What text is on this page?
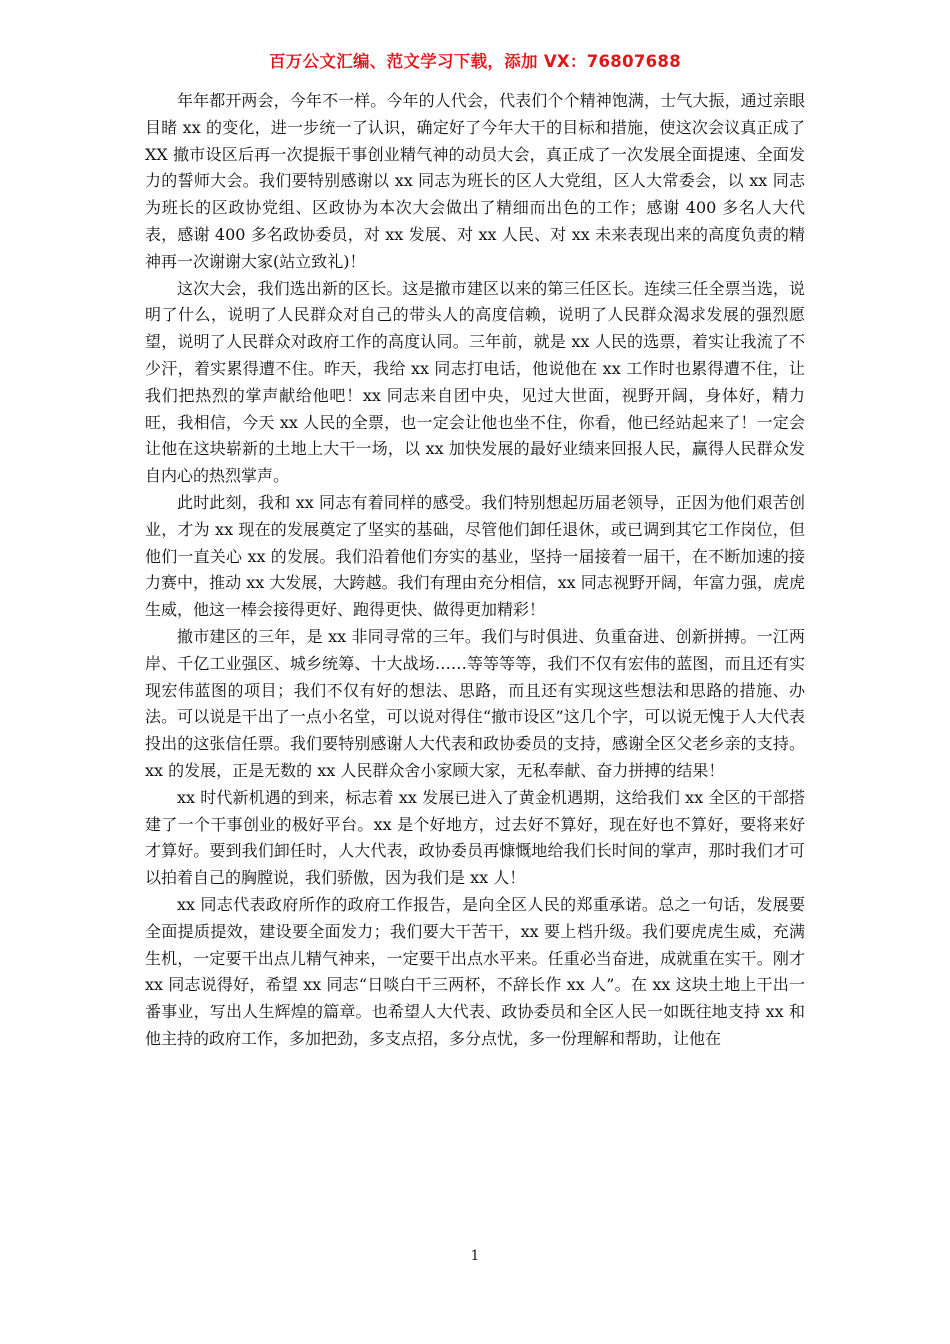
百万公文汇编、范文学习下载，添加 VX：76807688

年年都开两会，今年不一样。今年的人代会，代表们个个精神饱满，士气大振，通过亲眼目睹 xx 的变化，进一步统一了认识，确定好了今年大干的目标和措施，使这次会议真正成了 XX 撤市设区后再一次提振干事创业精气神的动员大会，真正成了一次发展全面提速、全面发力的誓师大会。我们要特别感谢以 xx 同志为班长的区人大党组，区人大常委会，以 xx 同志为班长的区政协党组、区政协为本次大会做出了精细而出色的工作；感谢 400 多名人大代表，感谢 400 多名政协委员，对 xx 发展、对 xx 人民、对 xx 未来表现出来的高度负责的精神再一次谢谢大家(站立致礼)！

这次大会，我们选出新的区长。这是撤市建区以来的第三任区长。连续三任全票当选，说明了什么，说明了人民群众对自己的带头人的高度信赖，说明了人民群众渴求发展的强烈愿望，说明了人民群众对政府工作的高度认同。三年前，就是 xx 人民的选票，着实让我流了不少汗，着实累得遭不住。昨天，我给 xx 同志打电话，他说他在 xx 工作时也累得遭不住，让我们把热烈的掌声献给他吧！xx 同志来自团中央，见过大世面，视野开阔，身体好，精力旺，我相信，今天 xx 人民的全票，也一定会让他也坐不住，你看，他已经站起来了！一定会让他在这块崭新的土地上大干一场，以 xx 加快发展的最好业绩来回报人民，赢得人民群众发自内心的热烈掌声。

此时此刻，我和 xx 同志有着同样的感受。我们特别想起历届老领导，正因为他们艰苦创业，才为 xx 现在的发展奠定了坚实的基础，尽管他们卸任退休，或已调到其它工作岗位，但他们一直关心 xx 的发展。我们沿着他们夯实的基业，坚持一届接着一届干，在不断加速的接力赛中，推动 xx 大发展，大跨越。我们有理由充分相信，xx 同志视野开阔，年富力强，虎虎生威，他这一棒会接得更好、跑得更快、做得更加精彩！

撤市建区的三年，是 xx 非同寻常的三年。我们与时俱进、负重奋进、创新拼搏。一江两岸、千亿工业强区、城乡统筹、十大战场……等等等等，我们不仅有宏伟的蓝图，而且还有实现宏伟蓝图的项目；我们不仅有好的想法、思路，而且还有实现这些想法和思路的措施、办法。可以说是干出了一点小名堂，可以说对得住“撤市设区”这几个字，可以说无愧于人大代表投出的这张信任票。我们要特别感谢人大代表和政协委员的支持，感谢全区父老乡亲的支持。xx 的发展，正是无数的 xx 人民群众舍小家顾大家，无私奉献、奋力拼搏的结果！

xx 时代新机遇的到来，标志着 xx 发展已进入了黄金机遇期，这给我们 xx 全区的干部搭建了一个干事创业的极好平台。xx 是个好地方，过去好不算好，现在好也不算好，要将来好才算好。要到我们卸任时，人大代表，政协委员再慷慨地给我们长时间的掌声，那时我们才可以拍着自己的胸膛说，我们骄傲，因为我们是 xx 人！

xx 同志代表政府所作的政府工作报告，是向全区人民的郑重承诺。总之一句话，发展要全面提质提效，建设要全面发力；我们要大干苦干，xx 要上档升级。我们要虎虎生威，充满生机，一定要干出点儿精气神来，一定要干出点水平来。任重必当奋进，成就重在实干。刚才 xx 同志说得好，希望 xx 同志“日啖白干三两杯，不辞长作 xx 人”。在 xx 这块土地上干出一番事业，写出人生辉煌的篇章。也希望人大代表、政协委员和全区人民一如既往地支持 xx 和他主持的政府工作，多加把劲，多支点招，多分点忧，多一份理解和帮助，让他在

1
